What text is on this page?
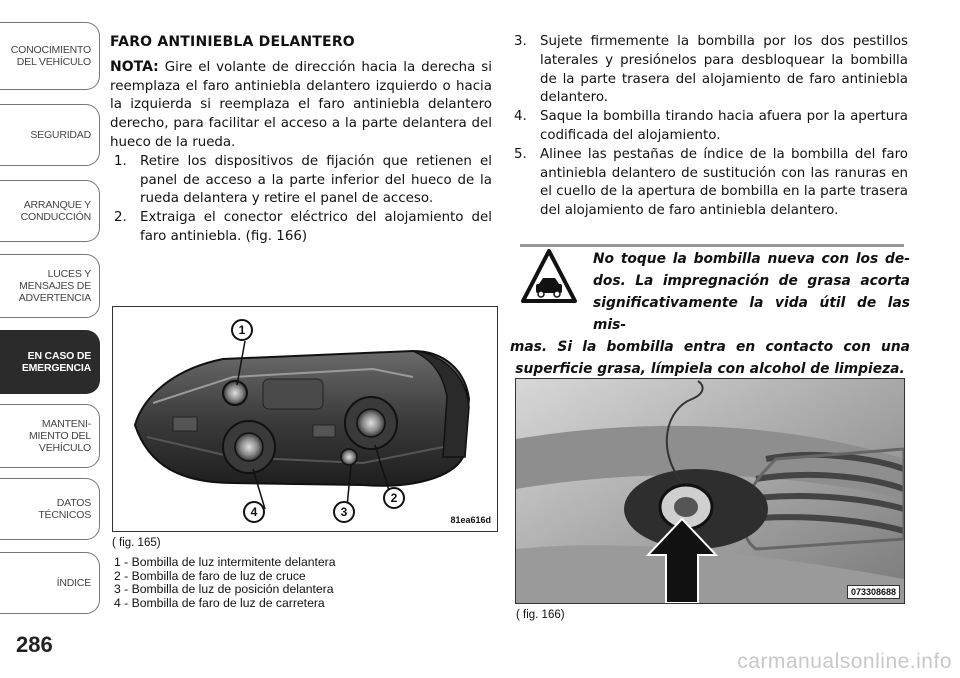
CONOCIMIENTO
DEL VEHÍCULO
SEGURIDAD
ARRANQUE Y
CONDUCCIÓN
LUCES Y
MENSAJES DE
ADVERTENCIA
EN CASO DE
EMERGENCIA
MANTENI-
MIENTO DEL
VEHÍCULO
DATOS
TÉCNICOS
ÍNDICE
286
FARO ANTINIEBLA DELANTERO

NOTA: Gire el volante de dirección hacia la derecha si reemplaza el faro antiniebla delantero izquierdo o hacia la izquierda si reemplaza el faro antiniebla delantero derecho, para facilitar el acceso a la parte delantera del hueco de la rueda.

1. Retire los dispositivos de fijación que retienen el panel de acceso a la parte inferior del hueco de la rueda delantera y retire el panel de acceso.

2. Extraiga el conector eléctrico del alojamiento del faro antiniebla. (fig. 166)

3. Sujete firmemente la bombilla por los dos pestillos laterales y presiónelos para desbloquear la bombilla de la parte trasera del alojamiento de faro antiniebla delantero.

4. Saque la bombilla tirando hacia afuera por la apertura codificada del alojamiento.

5. Alinee las pestañas de índice de la bombilla del faro antiniebla delantero de sustitución con las ranuras en el cuello de la apertura de bombilla en la parte trasera del alojamiento de faro antiniebla delantero.

No toque la bombilla nueva con los de-
dos. La impregnación de grasa acorta
significativamente la vida útil de las mis-
mas. Si la bombilla entra en contacto con una
superficie grasa, límpiela con alcohol de limpieza.
1
2
3
4
81ea616d
( fig. 165)
1 - Bombilla de luz intermitente delantera
2 - Bombilla de faro de luz de cruce
3 - Bombilla de luz de posición delantera
4 - Bombilla de faro de luz de carretera
073308688
( fig. 166)
carmanualsonline.info
